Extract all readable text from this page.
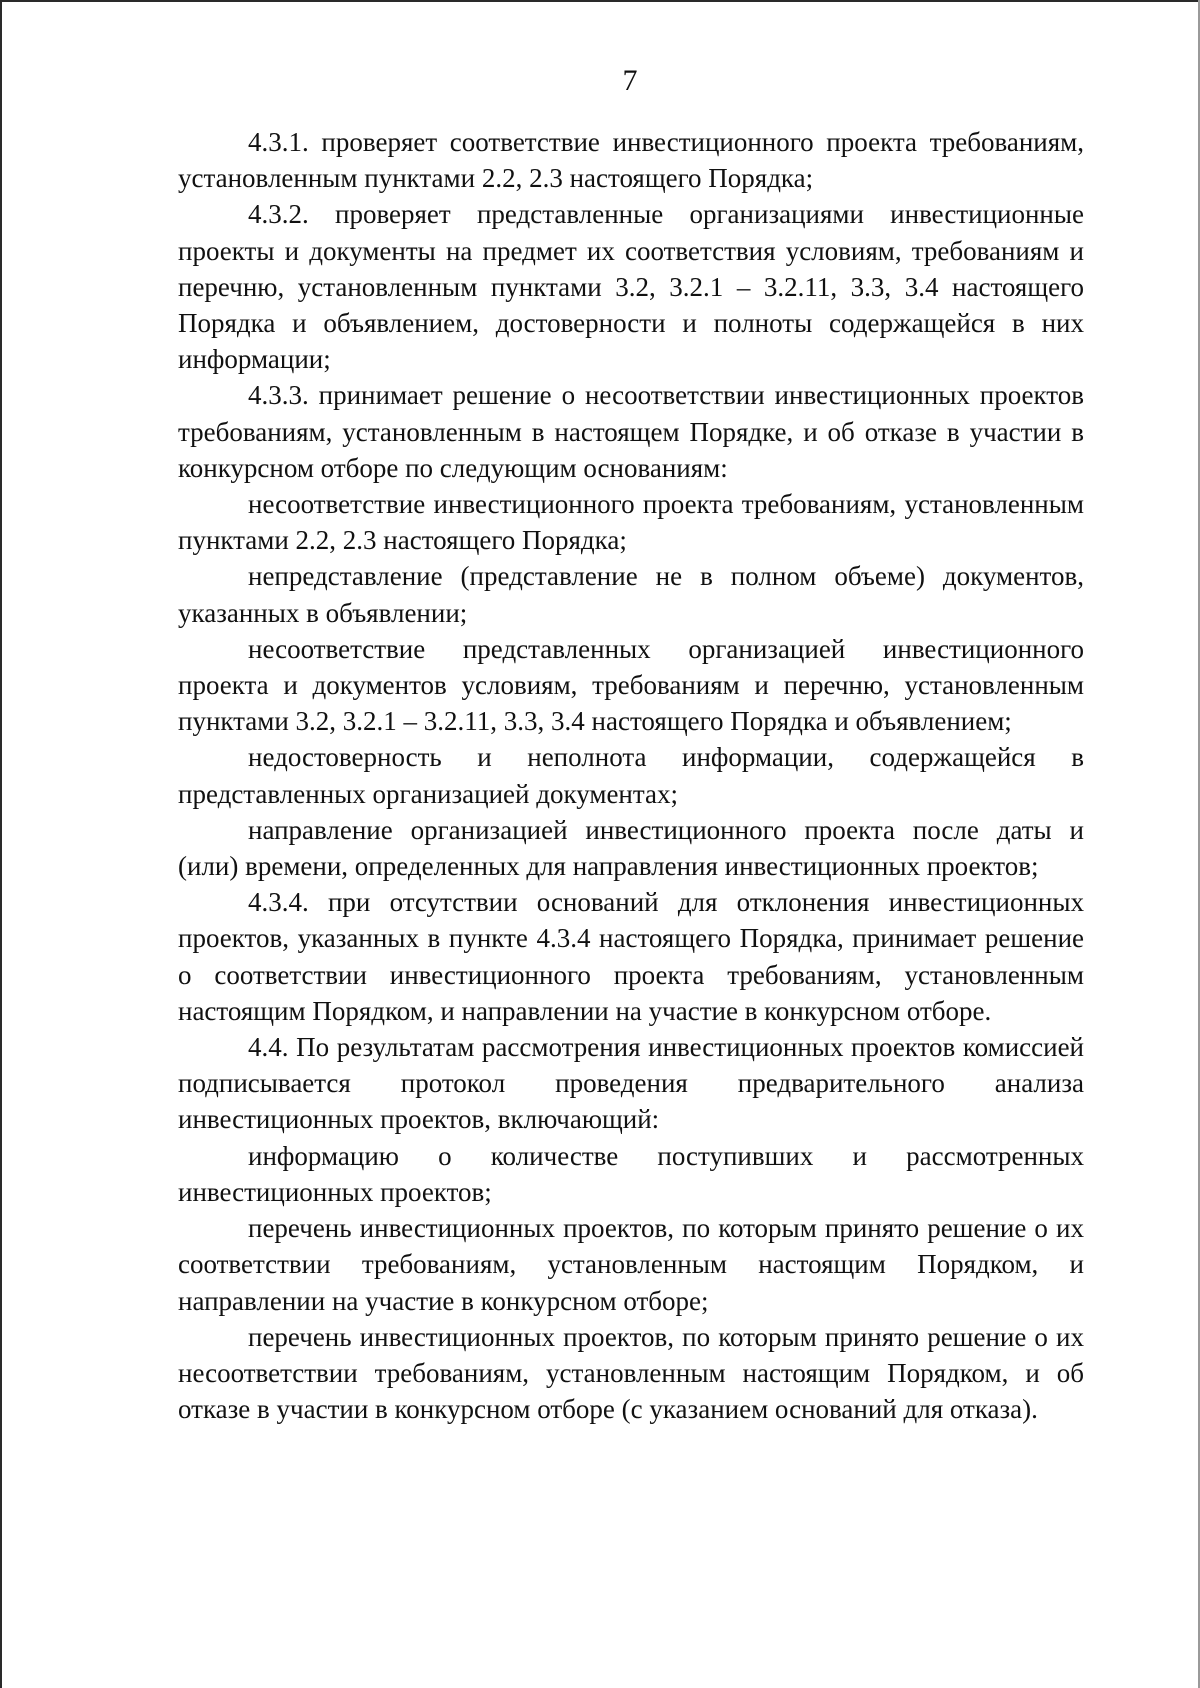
7

4.3.1. проверяет соответствие инвестиционного проекта требованиям, установленным пунктами 2.2, 2.3 настоящего Порядка;

4.3.2. проверяет представленные организациями инвестиционные проекты и документы на предмет их соответствия условиям, требованиям и перечню, установленным пунктами 3.2, 3.2.1 – 3.2.11, 3.3, 3.4 настоящего Порядка и объявлением, достоверности и полноты содержащейся в них информации;

4.3.3. принимает решение о несоответствии инвестиционных проектов требованиям, установленным в настоящем Порядке, и об отказе в участии в конкурсном отборе по следующим основаниям:

несоответствие инвестиционного проекта требованиям, установленным пунктами 2.2, 2.3 настоящего Порядка;

непредставление (представление не в полном объеме) документов, указанных в объявлении;

несоответствие представленных организацией инвестиционного проекта и документов условиям, требованиям и перечню, установленным пунктами 3.2, 3.2.1 – 3.2.11, 3.3, 3.4 настоящего Порядка и объявлением;

недостоверность и неполнота информации, содержащейся в представленных организацией документах;

направление организацией инвестиционного проекта после даты и (или) времени, определенных для направления инвестиционных проектов;

4.3.4. при отсутствии оснований для отклонения инвестиционных проектов, указанных в пункте 4.3.4 настоящего Порядка, принимает решение о соответствии инвестиционного проекта требованиям, установленным настоящим Порядком, и направлении на участие в конкурсном отборе.

4.4. По результатам рассмотрения инвестиционных проектов комиссией подписывается протокол проведения предварительного анализа инвестиционных проектов, включающий:

информацию о количестве поступивших и рассмотренных инвестиционных проектов;

перечень инвестиционных проектов, по которым принято решение о их соответствии требованиям, установленным настоящим Порядком, и направлении на участие в конкурсном отборе;

перечень инвестиционных проектов, по которым принято решение о их несоответствии требованиям, установленным настоящим Порядком, и об отказе в участии в конкурсном отборе (с указанием оснований для отказа).
